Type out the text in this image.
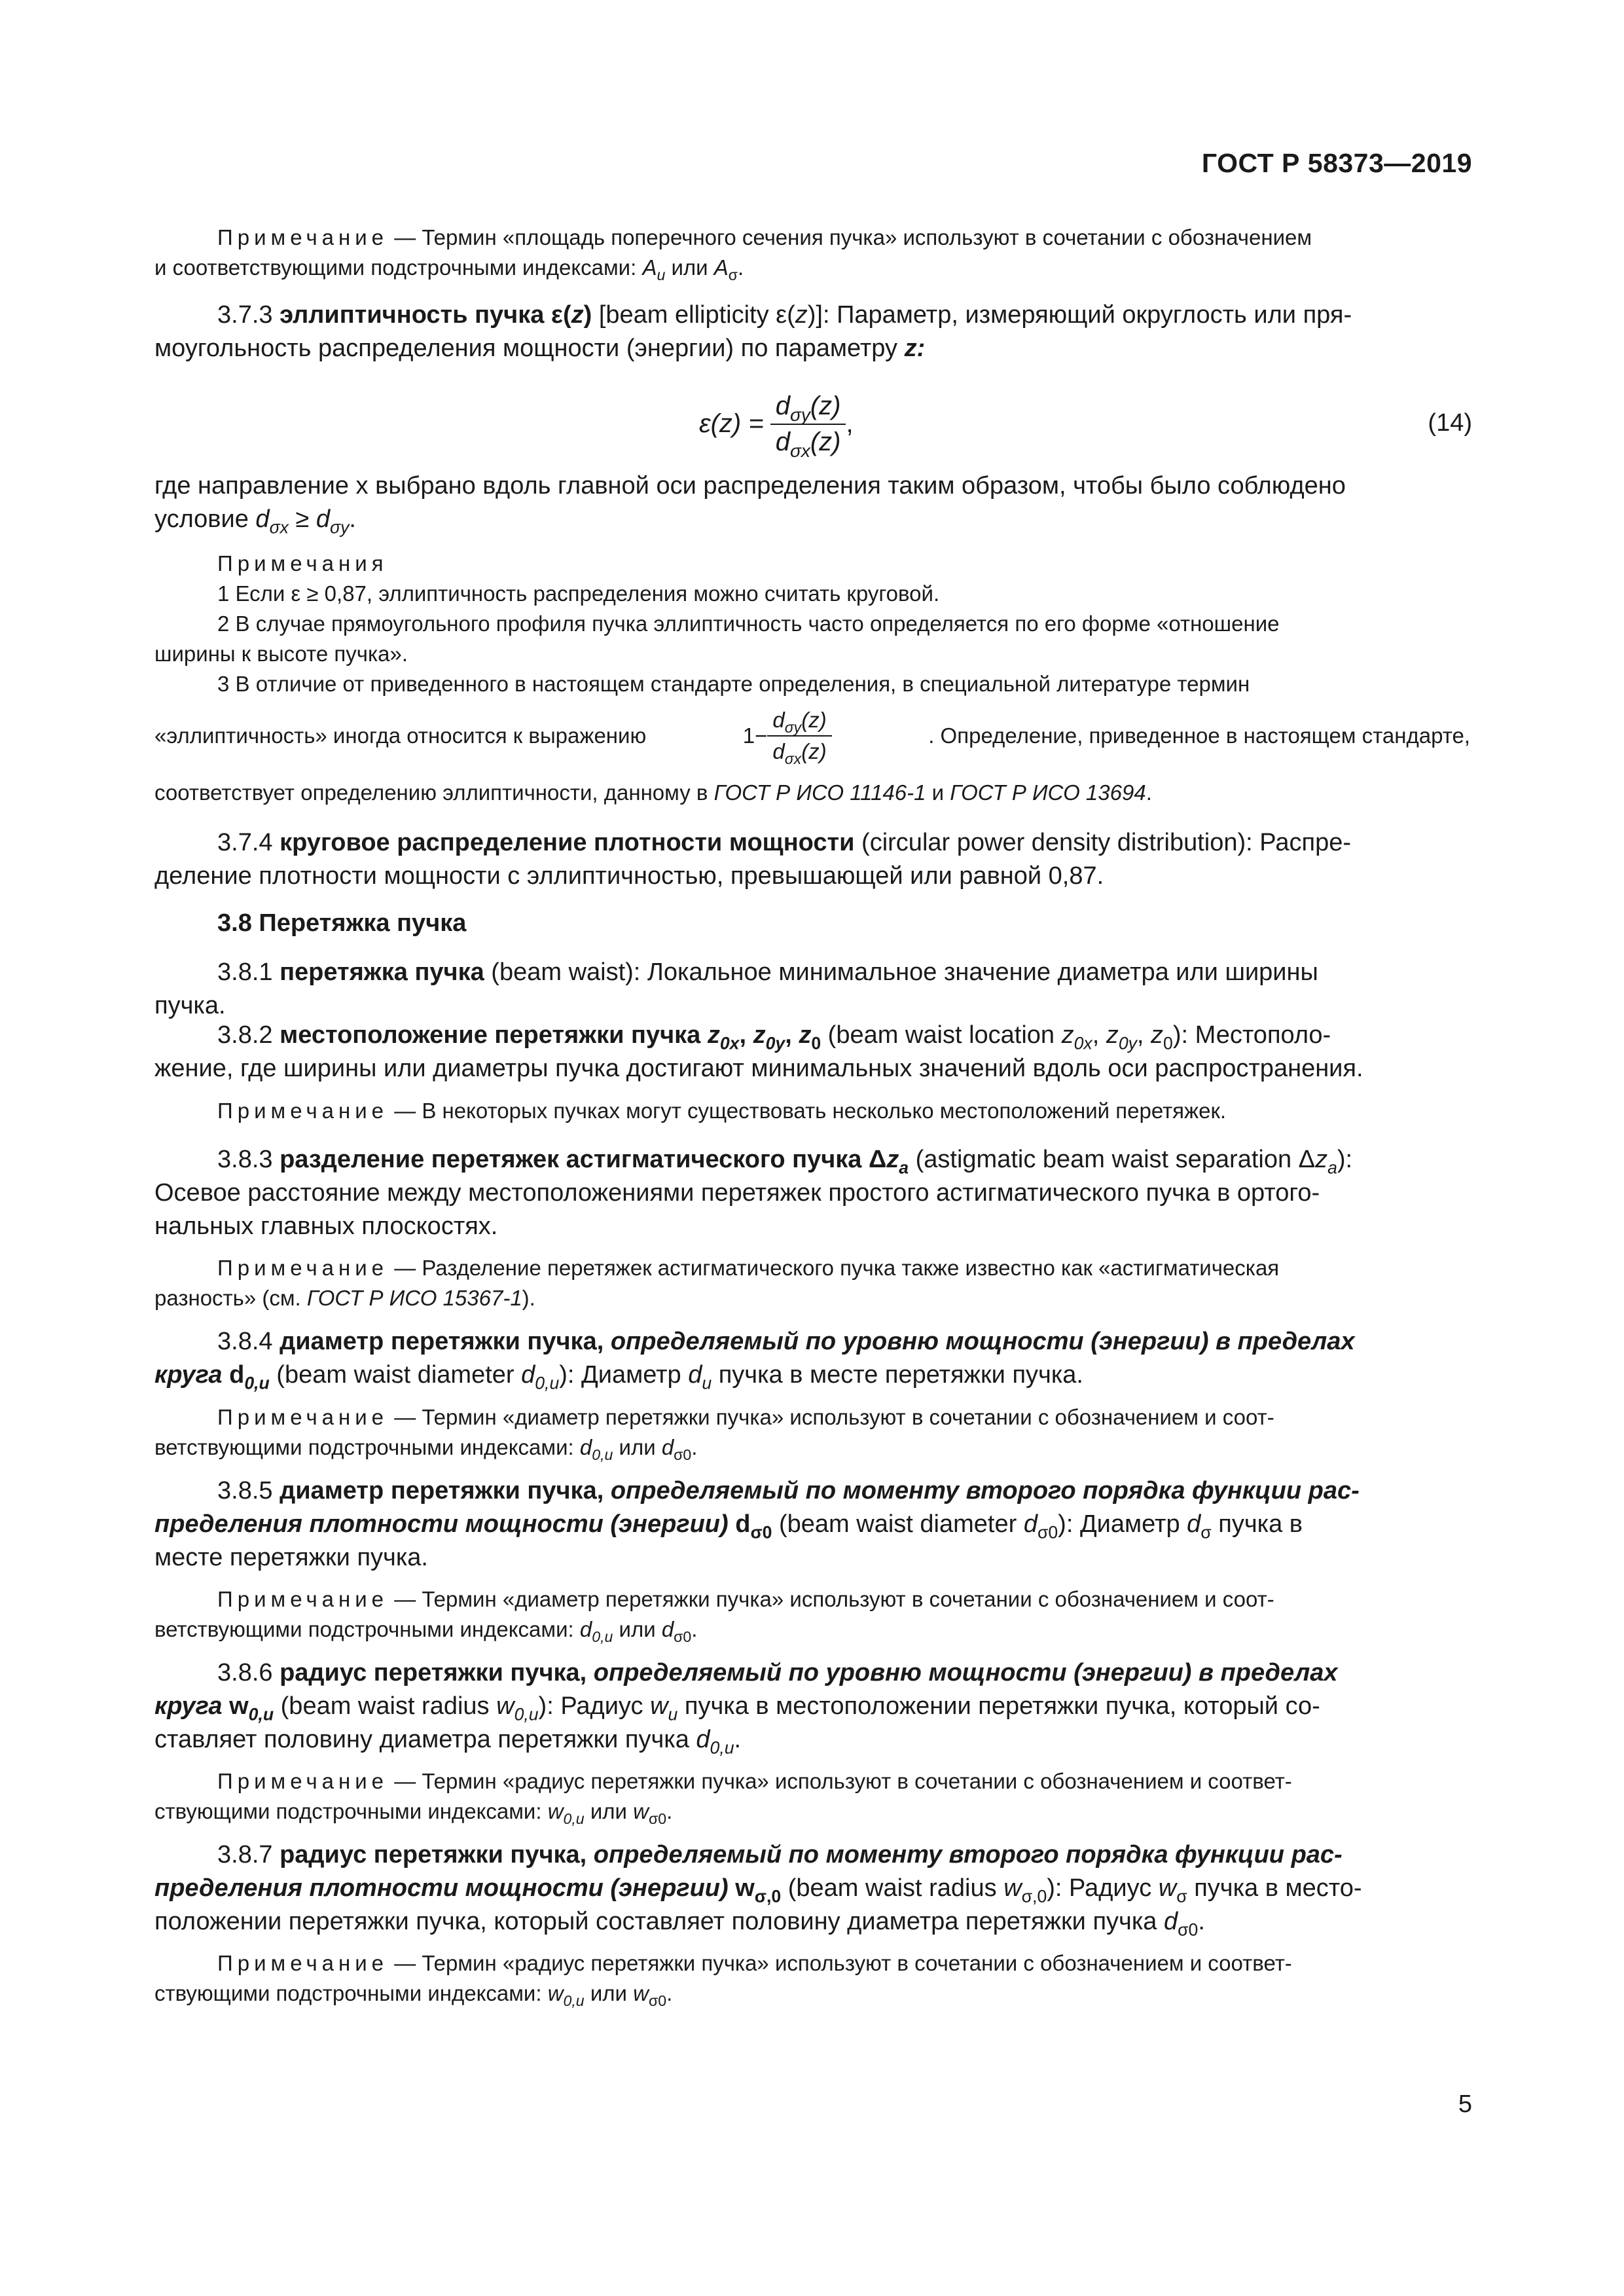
ГОСТ Р 58373—2019

Примечание — Термин «площадь поперечного сечения пучка» используют в сочетании с обозначением

и соответствующими подстрочными индексами: $A_u$ или $A_\sigma$.

3.7.3 эллиптичность пучка ε(z) [beam ellipticity ε(z)]: Параметр, измеряющий округлость или пря-

моугольность распределения мощности (энергии) по параметру z:

$\varepsilon(z) = \frac{d_{\sigma y}(z)}{d_{\sigma x}(z)}$ ,	(14)

где направление x выбрано вдоль главной оси распределения таким образом, чтобы было соблюдено

условие $d_{\sigma x} \ge d_{\sigma y}$.

Примечания

1 Если ε ≥ 0,87, эллиптичность распределения можно считать круговой.

2 В случае прямоугольного профиля пучка эллиптичность часто определяется по его форме «отношение

ширины к высоте пучка».

3 В отличие от приведенного в настоящем стандарте определения, в специальной литературе термин

«эллиптичность» иногда относится к выражению	$1- \frac{d_{\sigma y}(z)}{d_{\sigma x}(z)}$	. Определение, приведенное в настоящем стандарте,

соответствует определению эллиптичности, данному в ГОСТ Р ИСО 11146-1 и ГОСТ Р ИСО 13694.

3.7.4 круговое распределение плотности мощности (circular power density distribution): Распре-

деление плотности мощности с эллиптичностью, превышающей или равной 0,87.

3.8 Перетяжка пучка

3.8.1 перетяжка пучка (beam waist): Локальное минимальное значение диаметра или ширины

пучка.

3.8.2 местоположение перетяжки пучка $z_{0x}$, $z_{0y}$, $z_0$ (beam waist location $z_{0x}$, $z_{0y}$, $z_0$): Местополо-

жение, где ширины или диаметры пучка достигают минимальных значений вдоль оси распространения.

Примечание — В некоторых пучках могут существовать несколько местоположений перетяжек.

3.8.3 разделение перетяжек астигматического пучка $\Delta z_a$ (astigmatic beam waist separation $\Delta z_a$):

Осевое расстояние между местоположениями перетяжек простого астигматического пучка в ортого-

нальных главных плоскостях.

Примечание — Разделение перетяжек астигматического пучка также известно как «астигматическая

разность» (см. ГОСТ Р ИСО 15367-1).

3.8.4 диаметр перетяжки пучка, определяемый по уровню мощности (энергии) в пределах

круга $d_{0,u}$ (beam waist diameter $d_{0,u}$): Диаметр $d_u$ пучка в месте перетяжки пучка.

Примечание — Термин «диаметр перетяжки пучка» используют в сочетании с обозначением и соот-

ветствующими подстрочными индексами: $d_{0,u}$ или $d_{\sigma 0}$.

3.8.5 диаметр перетяжки пучка, определяемый по моменту второго порядка функции рас-

пределения плотности мощности (энергии) $d_{\sigma 0}$ (beam waist diameter $d_{\sigma 0}$): Диаметр $d_\sigma$ пучка в

месте перетяжки пучка.

Примечание — Термин «диаметр перетяжки пучка» используют в сочетании с обозначением и соот-

ветствующими подстрочными индексами: $d_{0,u}$ или $d_{\sigma 0}$.

3.8.6 радиус перетяжки пучка, определяемый по уровню мощности (энергии) в пределах

круга $w_{0,u}$ (beam waist radius $w_{0,u}$): Радиус $w_u$ пучка в местоположении перетяжки пучка, который со-

ставляет половину диаметра перетяжки пучка $d_{0,u}$.

Примечание — Термин «радиус перетяжки пучка» используют в сочетании с обозначением и соответ-

ствующими подстрочными индексами: $w_{0,u}$ или $w_{\sigma 0}$.

3.8.7 радиус перетяжки пучка, определяемый по моменту второго порядка функции рас-

пределения плотности мощности (энергии) $w_{\sigma,0}$ (beam waist radius $w_{\sigma,0}$): Радиус $w_\sigma$ пучка в место-

положении перетяжки пучка, который составляет половину диаметра перетяжки пучка $d_{\sigma 0}$.

Примечание — Термин «радиус перетяжки пучка» используют в сочетании с обозначением и соответ-

ствующими подстрочными индексами: $w_{0,u}$ или $w_{\sigma 0}$.

5
